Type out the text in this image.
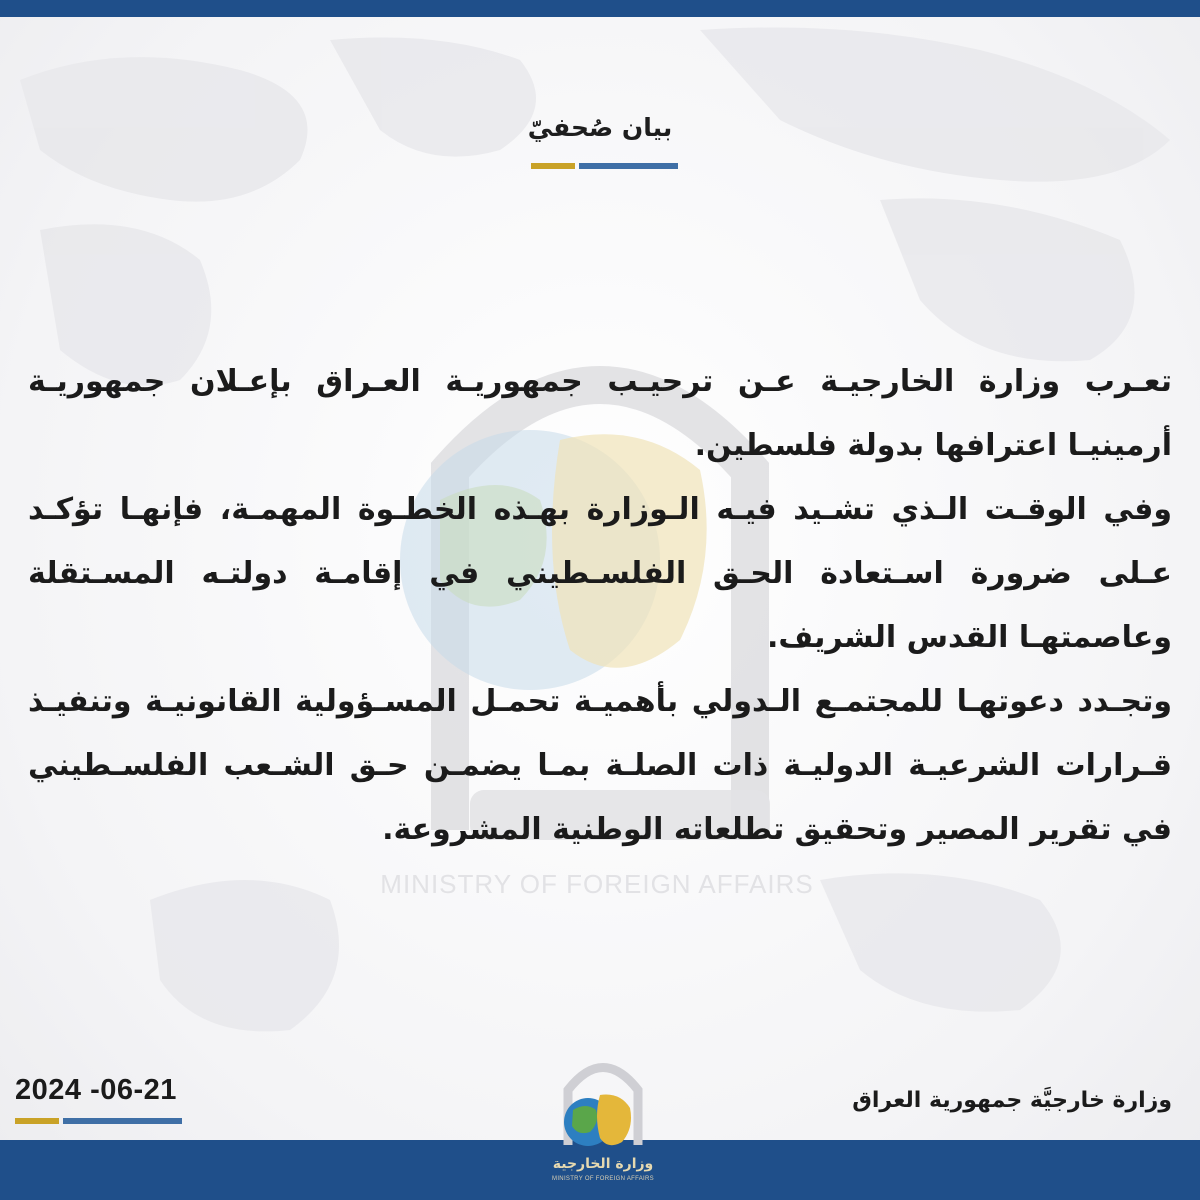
MINISTRY OF FOREIGN AFFAIRS
بيان صُحفيّ

تعـرب وزارة الخارجيـة عـن ترحيـب جمهوريـة العـراق بإعـلان جمهوريـة أرمينيـا اعترافها بدولة فلسطين.

وفي الوقـت الـذي تشـيد فيـه الـوزارة بهـذه الخطـوة المهمـة، فإنهـا تؤكـد عـلى ضرورة اسـتعادة الحـق الفلسـطيني في إقامـة دولتـه المسـتقلة وعاصمتهـا القدس الشريف.

وتجـدد دعوتهـا للمجتمـع الـدولي بأهميـة تحمـل المسـؤولية القانونيـة وتنفيـذ قـرارات الشرعيـة الدوليـة ذات الصلـة بمـا يضمـن حـق الشـعب الفلسـطيني في تقرير المصير وتحقيق تطلعاته الوطنية المشروعة.

2024 -06-21	وزارة خارجيَّة جمهورية العراق
وزارة الخارجية
MINISTRY OF FOREIGN AFFAIRS
